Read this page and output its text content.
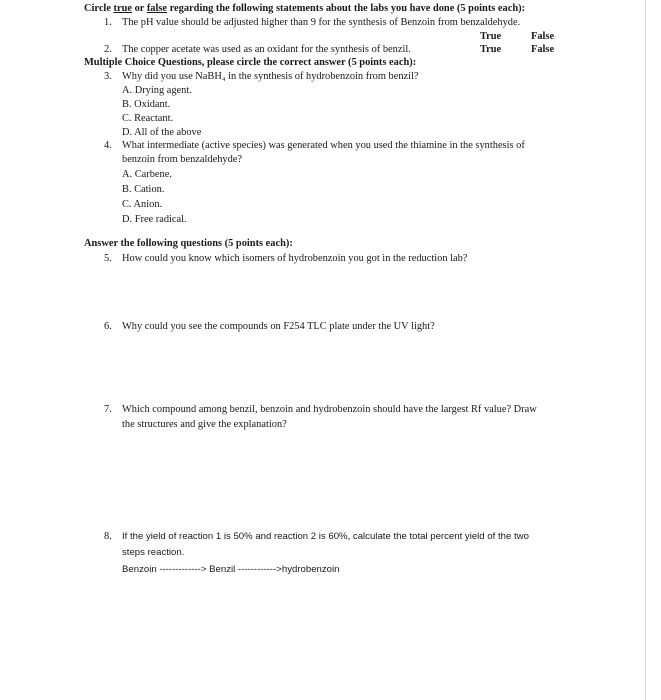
Circle true or false regarding the following statements about the labs you have done (5 points each):
1. The pH value should be adjusted higher than 9 for the synthesis of Benzoin from benzaldehyde.
True	False
2. The copper acetate was used as an oxidant for the synthesis of benzil.	True	False
Multiple Choice Questions, please circle the correct answer (5 points each):
3. Why did you use NaBH₄ in the synthesis of hydrobenzoin from benzil?
A. Drying agent.
B. Oxidant.
C. Reactant.
D. All of the above
4. What intermediate (active species) was generated when you used the thiamine in the synthesis of
benzoin from benzaldehyde?
A. Carbene.
B. Cation.
C. Anion.
D. Free radical.
Answer the following questions (5 points each):
5. How could you know which isomers of hydrobenzoin you got in the reduction lab?
6. Why could you see the compounds on F254 TLC plate under the UV light?
7. Which compound among benzil, benzoin and hydrobenzoin should have the largest Rf value? Draw
the structures and give the explanation?
8. If the yield of reaction 1 is 50% and reaction 2 is 60%, calculate the total percent yield of the two
steps reaction.
Benzoin -------------> Benzil ------------>hydrobenzoin
